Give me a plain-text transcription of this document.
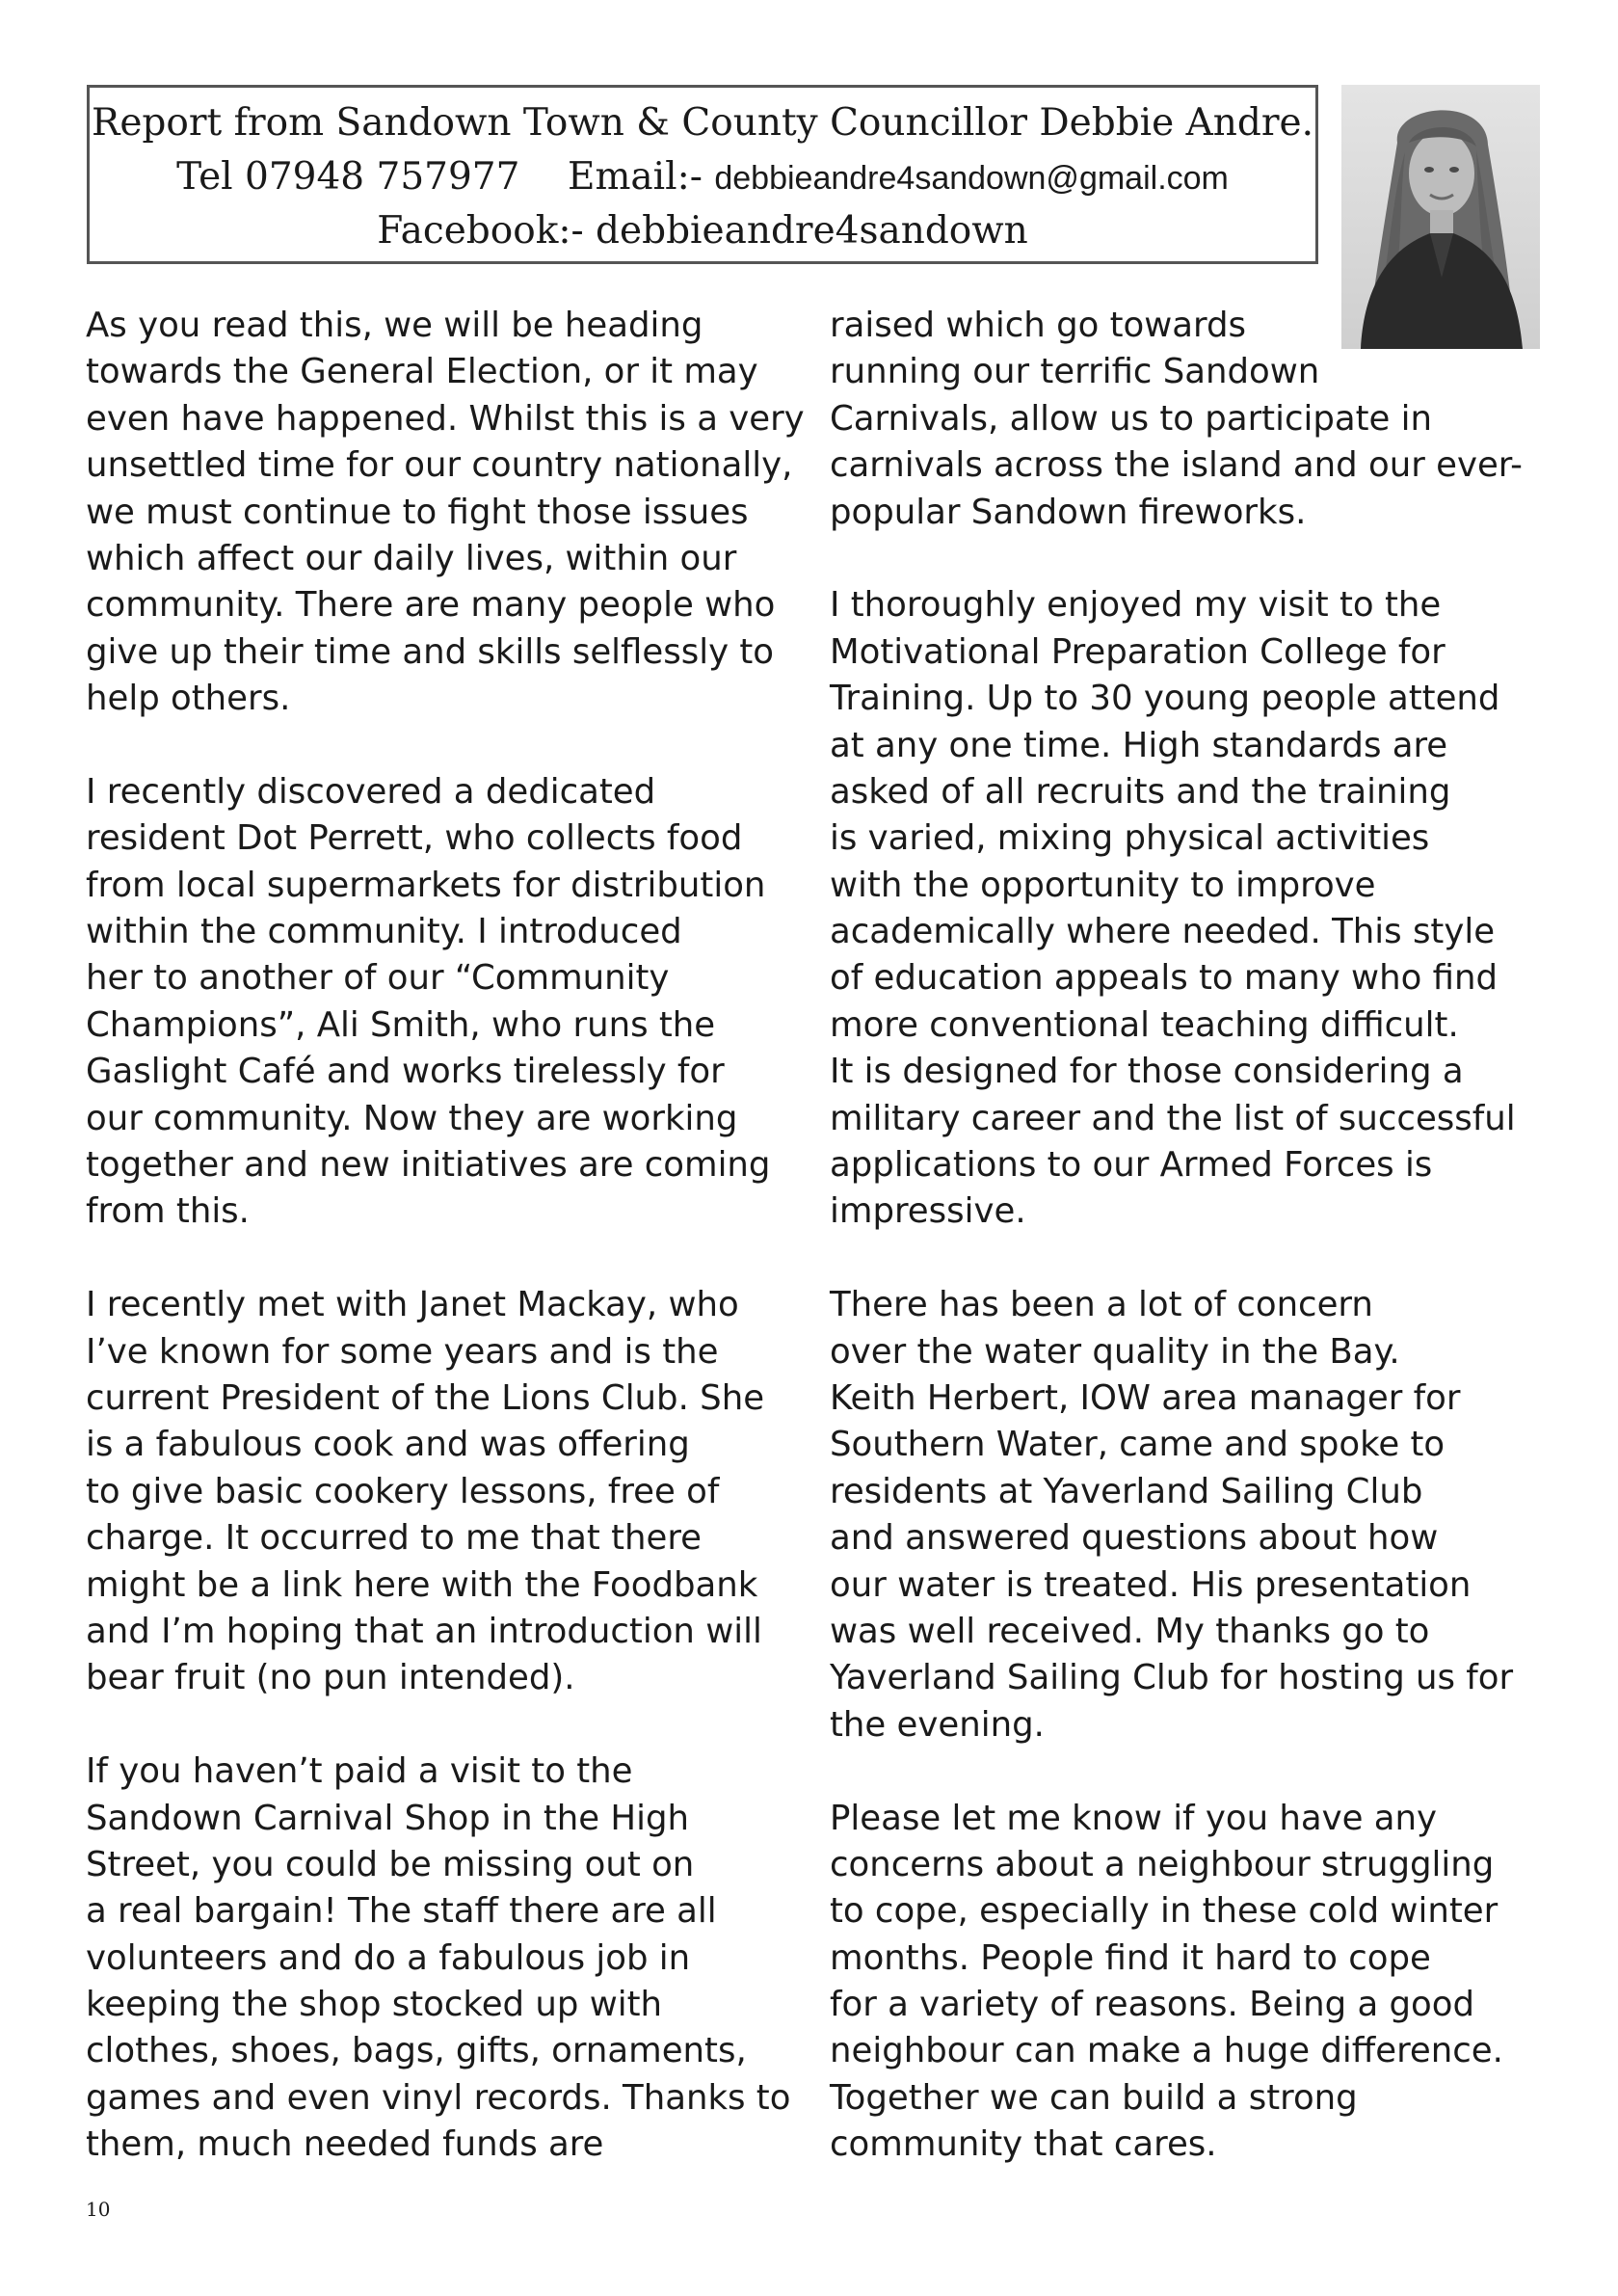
Report from Sandown Town & County Councillor Debbie Andre.
Tel 07948 757977 Email:- debbieandre4sandown@gmail.com
Facebook:- debbieandre4sandown
As you read this, we will be heading
towards the General Election, or it may
even have happened. Whilst this is a very
unsettled time for our country nationally,
we must continue to fight those issues
which affect our daily lives, within our
community. There are many people who
give up their time and skills selflessly to
help others.
I recently discovered a dedicated
resident Dot Perrett, who collects food
from local supermarkets for distribution
within the community. I introduced
her to another of our “Community
Champions”, Ali Smith, who runs the
Gaslight Café and works tirelessly for
our community. Now they are working
together and new initiatives are coming
from this.
I recently met with Janet Mackay, who
I’ve known for some years and is the
current President of the Lions Club. She
is a fabulous cook and was offering
to give basic cookery lessons, free of
charge. It occurred to me that there
might be a link here with the Foodbank
and I’m hoping that an introduction will
bear fruit (no pun intended).
If you haven’t paid a visit to the
Sandown Carnival Shop in the High
Street, you could be missing out on
a real bargain! The staff there are all
volunteers and do a fabulous job in
keeping the shop stocked up with
clothes, shoes, bags, gifts, ornaments,
games and even vinyl records. Thanks to
them, much needed funds are
raised which go towards
running our terrific Sandown
Carnivals, allow us to participate in
carnivals across the island and our ever-
popular Sandown fireworks.
I thoroughly enjoyed my visit to the
Motivational Preparation College for
Training. Up to 30 young people attend
at any one time. High standards are
asked of all recruits and the training
is varied, mixing physical activities
with the opportunity to improve
academically where needed. This style
of education appeals to many who find
more conventional teaching difficult.
It is designed for those considering a
military career and the list of successful
applications to our Armed Forces is
impressive.
There has been a lot of concern
over the water quality in the Bay.
Keith Herbert, IOW area manager for
Southern Water, came and spoke to
residents at Yaverland Sailing Club
and answered questions about how
our water is treated. His presentation
was well received. My thanks go to
Yaverland Sailing Club for hosting us for
the evening.
Please let me know if you have any
concerns about a neighbour struggling
to cope, especially in these cold winter
months. People find it hard to cope
for a variety of reasons. Being a good
neighbour can make a huge difference.
Together we can build a strong
community that cares.
10
